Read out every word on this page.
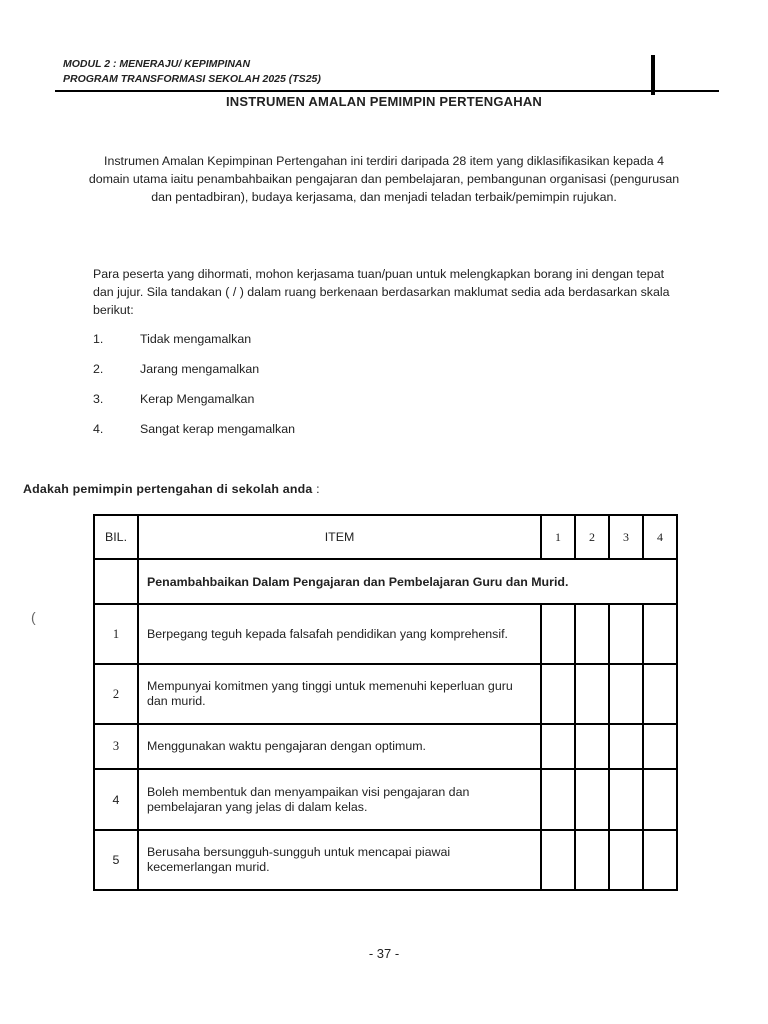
MODUL 2 : MENERAJU/ KEPIMPINAN
PROGRAM TRANSFORMASI SEKOLAH 2025 (TS25)
INSTRUMEN AMALAN PEMIMPIN PERTENGAHAN
Instrumen Amalan Kepimpinan Pertengahan ini terdiri daripada 28 item yang diklasifikasikan kepada 4 domain utama iaitu penambahbaikan pengajaran dan pembelajaran, pembangunan organisasi (pengurusan dan pentadbiran), budaya kerjasama, dan menjadi teladan terbaik/pemimpin rujukan.
Para peserta yang dihormati, mohon kerjasama tuan/puan untuk melengkapkan borang ini dengan tepat dan jujur. Sila tandakan ( / ) dalam ruang berkenaan berdasarkan maklumat sedia ada berdasarkan skala berikut:
1.	Tidak mengamalkan
2.	Jarang mengamalkan
3.	Kerap Mengamalkan
4.	Sangat kerap mengamalkan
Adakah pemimpin pertengahan di sekolah anda :
(
BIL.	ITEM	1	2	3	4
	Penambahbaikan Dalam Pengajaran dan Pembelajaran Guru dan Murid.				
1	Berpegang teguh kepada falsafah pendidikan yang komprehensif.				

2	Mempunyai komitmen yang tinggi untuk memenuhi keperluan guru dan murid.				

3	Menggunakan waktu pengajaran dengan optimum.				

4	Boleh membentuk dan menyampaikan visi pengajaran dan pembelajaran yang jelas di dalam kelas.				

5	Berusaha bersungguh-sungguh untuk mencapai piawai kecemerlangan murid.				

- 37 -
